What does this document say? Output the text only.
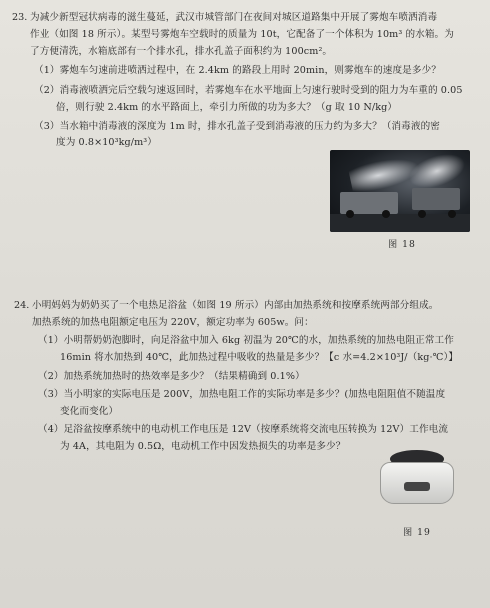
23. 为减少新型冠状病毒的滋生蔓延，武汉市城管部门在夜间对城区道路集中开展了雾炮车喷洒消毒
作业（如图 18 所示）。某型号雾炮车空载时的质量为 10t，它配备了一个体积为 10m³ 的水箱。为
了方便清洗，水箱底部有一个排水孔，排水孔盖子面积约为 100cm²。
（1）雾炮车匀速前进喷洒过程中，在 2.4km 的路段上用时 20min，则雾炮车的速度是多少？
（2）消毒液喷洒完后空载匀速返回时，若雾炮车在水平地面上匀速行驶时受到的阻力为车重的 0.05
倍，则行驶 2.4km 的水平路面上，牵引力所做的功为多大？（g 取 10 N/kg）
（3）当水箱中消毒液的深度为 1m 时，排水孔盖子受到消毒液的压力约为多大？（消毒液的密
度为 0.8×10³kg/m³）
图 18
24. 小明妈妈为奶奶买了一个电热足浴盆（如图 19 所示）内部由加热系统和按摩系统两部分组成。
加热系统的加热电阻额定电压为 220V，额定功率为 605w。问：
（1）小明帮奶奶泡脚时，向足浴盆中加入 6kg 初温为 20℃的水，加热系统的加热电阻正常工作
16min 将水加热到 40℃，此加热过程中吸收的热量是多少？【c 水=4.2×10³J/（kg·℃）】
（2）加热系统加热时的热效率是多少？（结果精确到 0.1%）
（3）当小明家的实际电压是 200V，加热电阻工作的实际功率是多少？(加热电阻阻值不随温度
变化而变化）
（4）足浴盆按摩系统中的电动机工作电压是 12V（按摩系统将交流电压转换为 12V）工作电流
为 4A，其电阻为 0.5Ω，电动机工作中因发热损失的功率是多少？
图 19
